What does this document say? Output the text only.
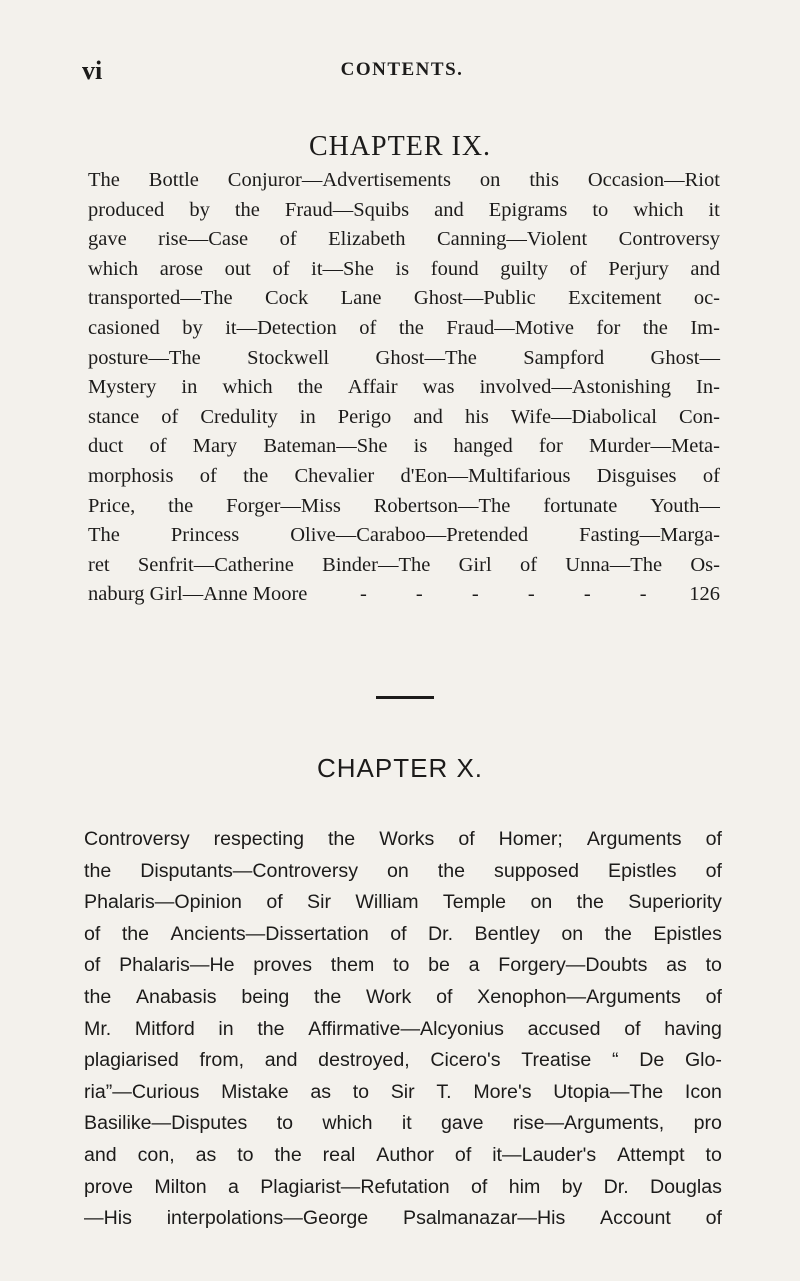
vi	CONTENTS.
CHAPTER IX.
The Bottle Conjuror—Advertisements on this Occasion—Riot
produced by the Fraud—Squibs and Epigrams to which it
gave rise—Case of Elizabeth Canning—Violent Controversy
which arose out of it—She is found guilty of Perjury and
transported—The Cock Lane Ghost—Public Excitement oc-
casioned by it—Detection of the Fraud—Motive for the Im-
posture—The Stockwell Ghost—The Sampford Ghost—
Mystery in which the Affair was involved—Astonishing In-
stance of Credulity in Perigo and his Wife—Diabolical Con-
duct of Mary Bateman—She is hanged for Murder—Meta-
morphosis of the Chevalier d'Eon—Multifarious Disguises of
Price, the Forger—Miss Robertson—The fortunate Youth—
The Princess Olive—Caraboo—Pretended Fasting—Marga-
ret Senfrit—Catherine Binder—The Girl of Unna—The Os-
naburg Girl—Anne Moore	- - - - - - 126
CHAPTER X.
Controversy respecting the Works of Homer; Arguments of
the Disputants—Controversy on the supposed Epistles of
Phalaris—Opinion of Sir William Temple on the Superiority
of the Ancients—Dissertation of Dr. Bentley on the Epistles
of Phalaris—He proves them to be a Forgery—Doubts as to
the Anabasis being the Work of Xenophon—Arguments of
Mr. Mitford in the Affirmative—Alcyonius accused of having
plagiarised from, and destroyed, Cicero's Treatise “ De Glo-
ria”—Curious Mistake as to Sir T. More's Utopia—The Icon
Basilike—Disputes to which it gave rise—Arguments, pro
and con, as to the real Author of it—Lauder's Attempt to
prove Milton a Plagiarist—Refutation of him by Dr. Douglas
—His interpolations—George Psalmanazar—His Account of
